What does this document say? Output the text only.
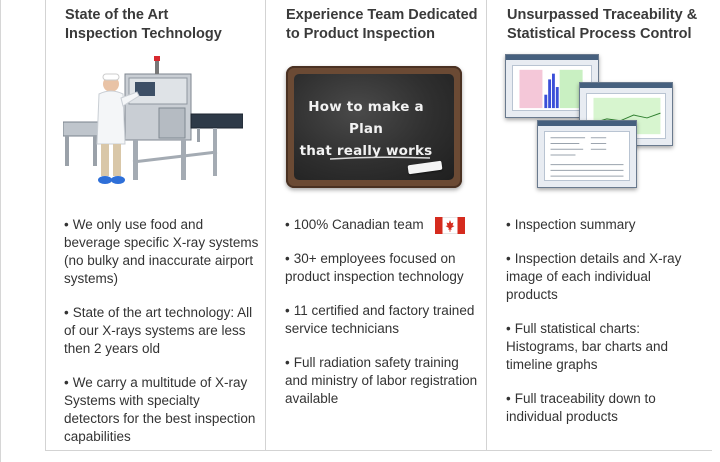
State of the Art
Inspection Technology
• We only use food and beverage specific X-ray systems (no bulky and inaccurate airport systems)
• State of the art technology: All of our X-rays systems are less then 2 years old
• We carry a multitude of X-ray Systems with specialty detectors for the best inspection capabilities
Experience Team Dedicated
to Product Inspection
How to make a Plan
that really works
• 100% Canadian team
• 30+ employees focused on product inspection technology
• 11 certified and factory trained service technicians
• Full radiation safety training and ministry of labor registration available
Unsurpassed Traceability &
Statistical Process Control
• Inspection summary
• Inspection details and X-ray image of each individual products
• Full statistical charts: Histograms, bar charts and timeline graphs
• Full traceability down to individual products
